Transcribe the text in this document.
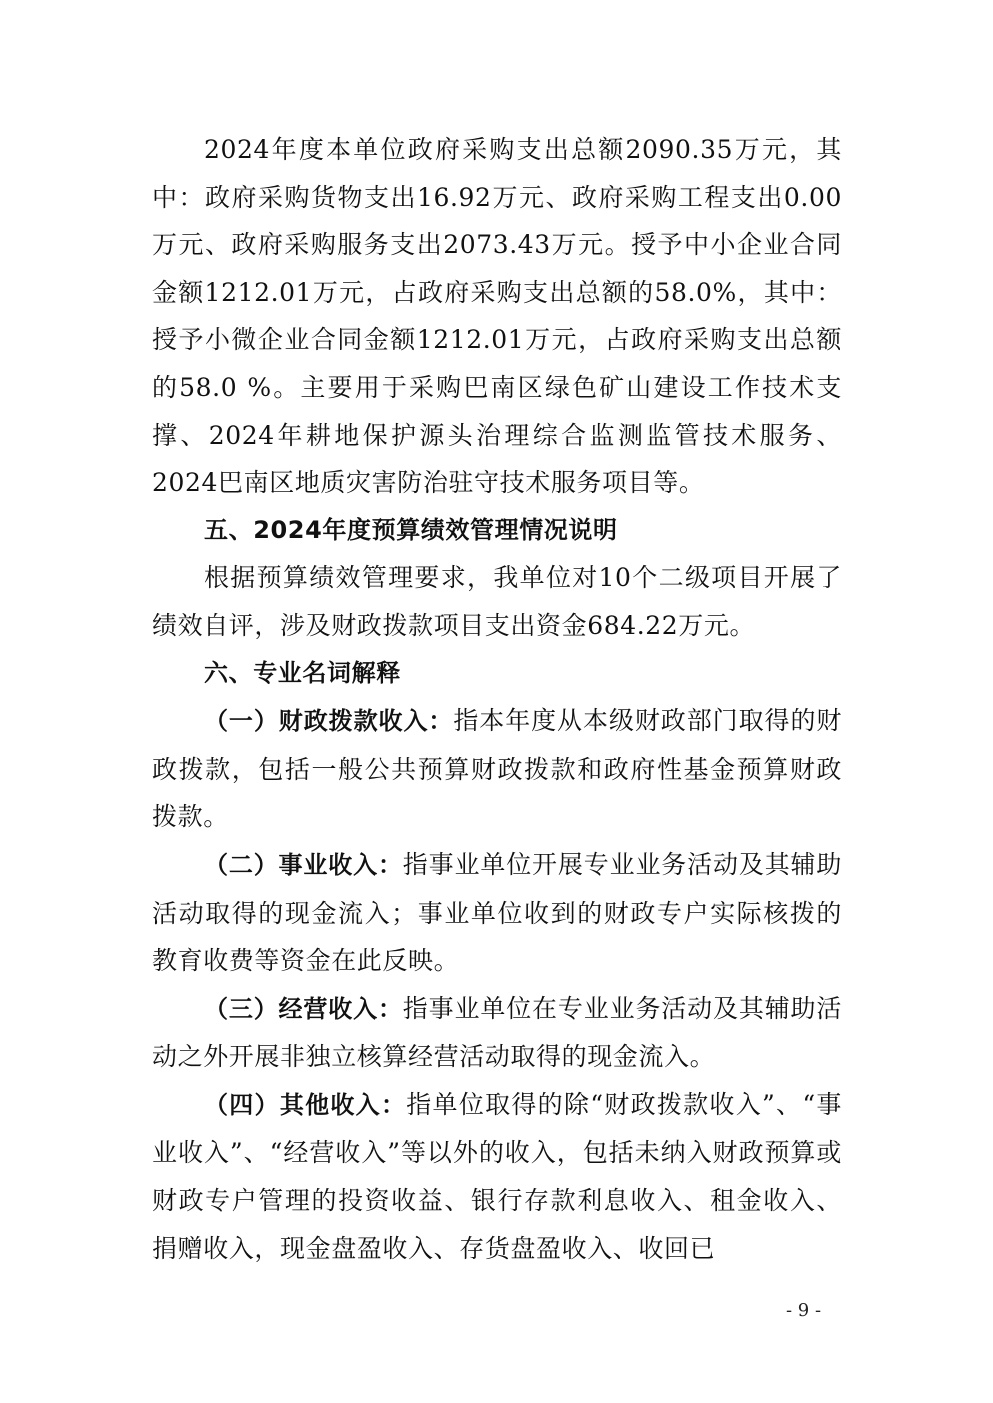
2024年度本单位政府采购支出总额2090.35万元，其中：政府采购货物支出16.92万元、政府采购工程支出0.00万元、政府采购服务支出2073.43万元。授予中小企业合同金额1212.01万元，占政府采购支出总额的58.0%，其中：授予小微企业合同金额1212.01万元，占政府采购支出总额的58.0 %。主要用于采购巴南区绿色矿山建设工作技术支撑、2024年耕地保护源头治理综合监测监管技术服务、2024巴南区地质灾害防治驻守技术服务项目等。

五、2024年度预算绩效管理情况说明

根据预算绩效管理要求，我单位对10个二级项目开展了绩效自评，涉及财政拨款项目支出资金684.22万元。

六、专业名词解释

（一）财政拨款收入：指本年度从本级财政部门取得的财政拨款，包括一般公共预算财政拨款和政府性基金预算财政拨款。

（二）事业收入：指事业单位开展专业业务活动及其辅助活动取得的现金流入；事业单位收到的财政专户实际核拨的教育收费等资金在此反映。

（三）经营收入：指事业单位在专业业务活动及其辅助活动之外开展非独立核算经营活动取得的现金流入。

（四）其他收入：指单位取得的除“财政拨款收入”、“事业收入”、“经营收入”等以外的收入，包括未纳入财政预算或财政专户管理的投资收益、银行存款利息收入、租金收入、捐赠收入，现金盘盈收入、存货盘盈收入、收回已

- 9 -
